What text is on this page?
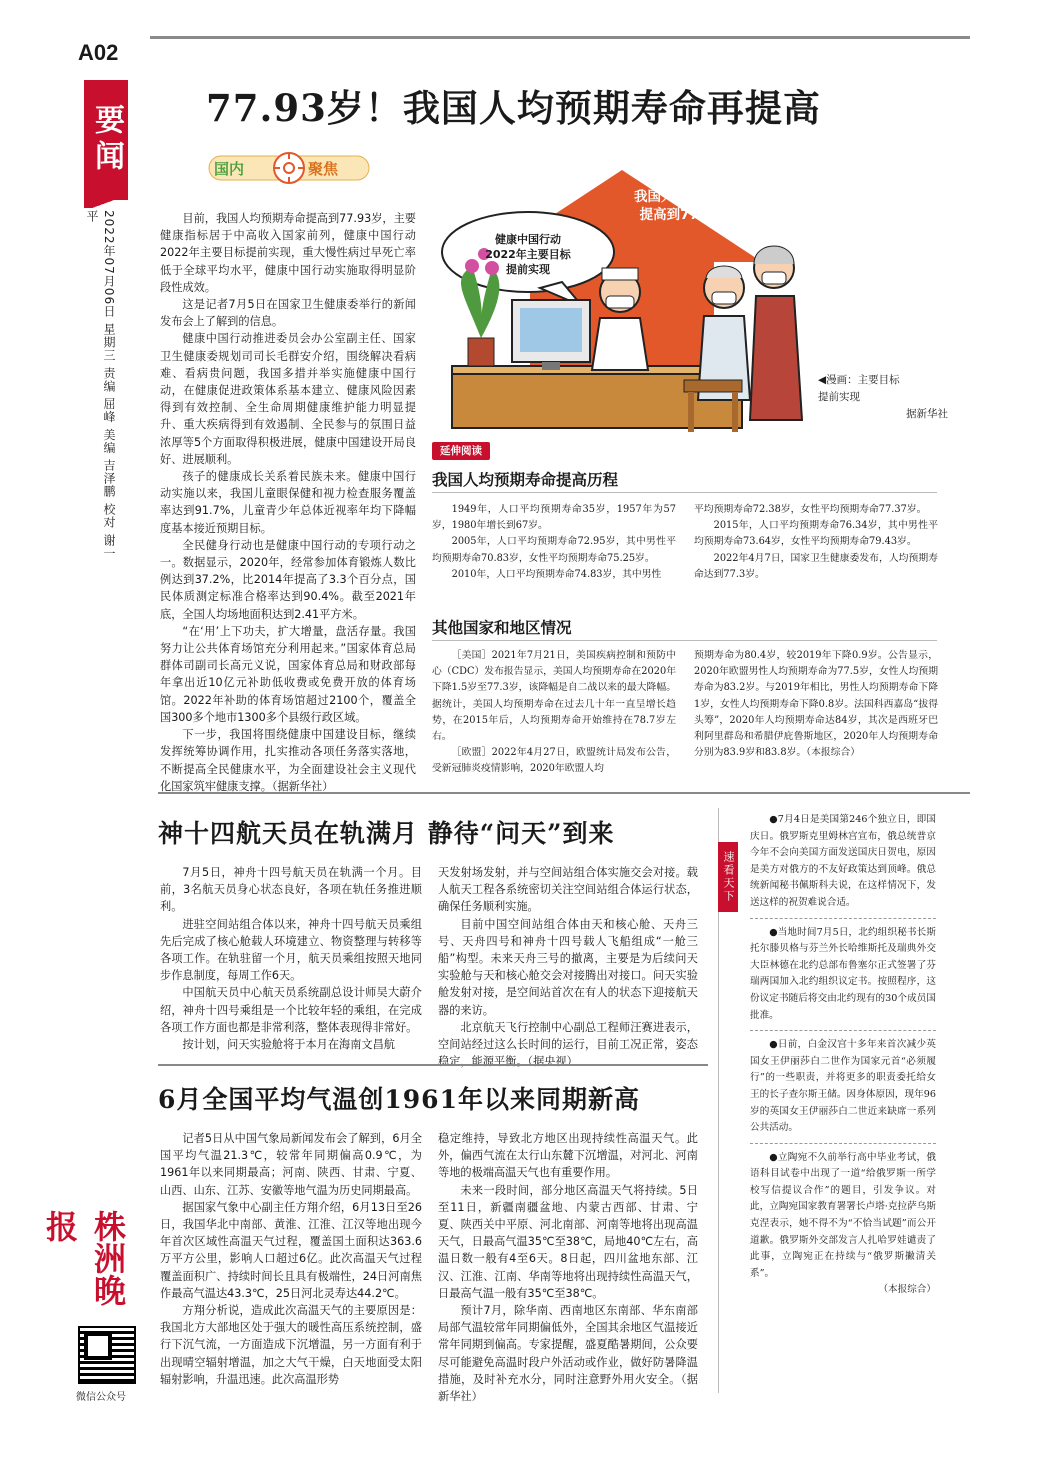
A02
要闻
2022年07月06日 星期三 责编 屈峰 美编 吉泽鹏 校对 谢一平
株洲晚报
微信公众号
77.93岁！我国人均预期寿命再提高
国内	聚焦

目前，我国人均预期寿命提高到77.93岁，主要健康指标居于中高收入国家前列，健康中国行动2022年主要目标提前实现，重大慢性病过早死亡率低于全球平均水平，健康中国行动实施取得明显阶段性成效。

这是记者7月5日在国家卫生健康委举行的新闻发布会上了解到的信息。

健康中国行动推进委员会办公室副主任、国家卫生健康委规划司司长毛群安介绍，围绕解决看病难、看病贵问题，我国多措并举实施健康中国行动，在健康促进政策体系基本建立、健康风险因素得到有效控制、全生命周期健康维护能力明显提升、重大疾病得到有效遏制、全民参与的氛围日益浓厚等5个方面取得积极进展，健康中国建设开局良好、进展顺利。

孩子的健康成长关系着民族未来。健康中国行动实施以来，我国儿童眼保健和视力检查服务覆盖率达到91.7%，儿童青少年总体近视率年均下降幅度基本接近预期目标。

全民健身行动也是健康中国行动的专项行动之一。数据显示，2020年，经常参加体育锻炼人数比例达到37.2%，比2014年提高了3.3个百分点，国民体质测定标准合格率达到90.4%。截至2021年底，全国人均场地面积达到2.41平方米。

“在‘用’上下功夫，扩大增量，盘活存量。我国努力让公共体育场馆充分利用起来。”国家体育总局群体司副司长高元义说，国家体育总局和财政部每年拿出近10亿元补助低收费或免费开放的体育场馆。2022年补助的体育场馆超过2100个，覆盖全国300多个地市1300多个县级行政区域。

下一步，我国将围绕健康中国建设目标，继续发挥统筹协调作用，扎实推动各项任务落实落地，不断提高全民健康水平，为全面建设社会主义现代化国家筑牢健康支撑。（据新华社）

我国人均预期寿命
提高到77.93岁
健康中国行动
2022年主要目标
提前实现
◀漫画：主要目标
提前实现
据新华社
延伸阅读
我国人均预期寿命提高历程

1949年，人口平均预期寿命35岁，1957年为57岁，1980年增长到67岁。

2005年，人口平均预期寿命72.95岁，其中男性平均预期寿命70.83岁，女性平均预期寿命75.25岁。

2010年，人口平均预期寿命74.83岁，其中男性

平均预期寿命72.38岁，女性平均预期寿命77.37岁。

2015年，人口平均预期寿命76.34岁，其中男性平均预期寿命73.64岁，女性平均预期寿命79.43岁。

2022年4月7日，国家卫生健康委发布，人均预期寿命达到77.3岁。

其他国家和地区情况

［美国］2021年7月21日，美国疾病控制和预防中心（CDC）发布报告显示，美国人均预期寿命在2020年下降1.5岁至77.3岁，该降幅是自二战以来的最大降幅。据统计，美国人均预期寿命在过去几十年一直呈增长趋势，在2015年后，人均预期寿命开始维持在78.7岁左右。

［欧盟］2022年4月27日，欧盟统计局发布公告，受新冠肺炎疫情影响，2020年欧盟人均

预期寿命为80.4岁，较2019年下降0.9岁。公告显示，2020年欧盟男性人均预期寿命为77.5岁，女性人均预期寿命为83.2岁。与2019年相比，男性人均预期寿命下降1岁，女性人均预期寿命下降0.8岁。法国科西嘉岛“拔得头筹”，2020年人均预期寿命达84岁，其次是西班牙巴利阿里群岛和希腊伊庇鲁斯地区，2020年人均预期寿命分别为83.9岁和83.8岁。（本报综合）

神十四航天员在轨满月 静待“问天”到来

7月5日，神舟十四号航天员在轨满一个月。目前，3名航天员身心状态良好，各项在轨任务推进顺利。

进驻空间站组合体以来，神舟十四号航天员乘组先后完成了核心舱载人环境建立、物资整理与转移等各项工作。在轨驻留一个月，航天员乘组按照天地同步作息制度，每周工作6天。

中国航天员中心航天员系统副总设计师吴大蔚介绍，神舟十四号乘组是一个比较年轻的乘组，在完成各项工作方面也都是非常利落，整体表现得非常好。

按计划，问天实验舱将于本月在海南文昌航

天发射场发射，并与空间站组合体实施交会对接。载人航天工程各系统密切关注空间站组合体运行状态，确保任务顺利实施。

目前中国空间站组合体由天和核心舱、天舟三号、天舟四号和神舟十四号载人飞船组成“一舱三船”构型。未来天舟三号的撤离，主要是为后续问天实验舱与天和核心舱交会对接腾出对接口。问天实验舱发射对接，是空间站首次在有人的状态下迎接航天器的来访。

北京航天飞行控制中心副总工程师汪赛进表示，空间站经过这么长时间的运行，目前工况正常，姿态稳定，能源平衡。（据央视）

6月全国平均气温创1961年以来同期新高

记者5日从中国气象局新闻发布会了解到，6月全国平均气温21.3℃，较常年同期偏高0.9℃，为1961年以来同期最高；河南、陕西、甘肃、宁夏、山西、山东、江苏、安徽等地气温为历史同期最高。

据国家气象中心副主任方翔介绍，6月13日至26日，我国华北中南部、黄淮、江淮、江汉等地出现今年首次区域性高温天气过程，覆盖国土面积达363.6万平方公里，影响人口超过6亿。此次高温天气过程覆盖面积广、持续时间长且具有极端性，24日河南焦作最高气温达43.3℃，25日河北灵寿达44.2℃。

方翔分析说，造成此次高温天气的主要原因是：我国北方大部地区处于强大的暖性高压系统控制，盛行下沉气流，一方面造成下沉增温，另一方面有利于出现晴空辐射增温，加之大气干燥，白天地面受太阳辐射影响，升温迅速。此次高温形势

稳定维持，导致北方地区出现持续性高温天气。此外，偏西气流在太行山东麓下沉增温，对河北、河南等地的极端高温天气也有重要作用。

未来一段时间，部分地区高温天气将持续。5日至11日，新疆南疆盆地、内蒙古西部、甘肃、宁夏、陕西关中平原、河北南部、河南等地将出现高温天气，日最高气温35℃至38℃，局地40℃左右，高温日数一般有4至6天。8日起，四川盆地东部、江汉、江淮、江南、华南等地将出现持续性高温天气，日最高气温一般有35℃至38℃。

预计7月，除华南、西南地区东南部、华东南部局部气温较常年同期偏低外，全国其余地区气温接近常年同期到偏高。专家提醒，盛夏酷暑期间，公众要尽可能避免高温时段户外活动或作业，做好防暑降温措施，及时补充水分，同时注意野外用火安全。（据新华社）

速看天下

●7月4日是美国第246个独立日，即国庆日。俄罗斯克里姆林宫宣布，俄总统普京今年不会向美国方面发送国庆日贺电，原因是美方对俄方的不友好政策达到顶峰。俄总统新闻秘书佩斯科夫说，在这样情况下，发送这样的祝贺难说合适。

●当地时间7月5日，北约组织秘书长斯托尔滕贝格与芬兰外长哈维斯托及瑞典外交大臣林德在北约总部布鲁塞尔正式签署了芬瑞两国加入北约组织议定书。按照程序，这份议定书随后将交由北约现有的30个成员国批准。

●日前，白金汉宫十多年来首次减少英国女王伊丽莎白二世作为国家元首“必须履行”的一些职责，并将更多的职责委托给女王的长子查尔斯王储。因身体原因，现年96岁的英国女王伊丽莎白二世近来缺席一系列公共活动。

●立陶宛不久前举行高中毕业考试，俄语科目试卷中出现了一道“给俄罗斯一所学校写信提议合作”的题目，引发争议。对此，立陶宛国家教育署署长卢塔·克拉萨乌斯克涅表示，她不得不为“不恰当试题”而公开道歉。俄罗斯外交部发言人扎哈罗娃谴责了此事，立陶宛正在持续与“俄罗斯撇清关系”。

（本报综合）
